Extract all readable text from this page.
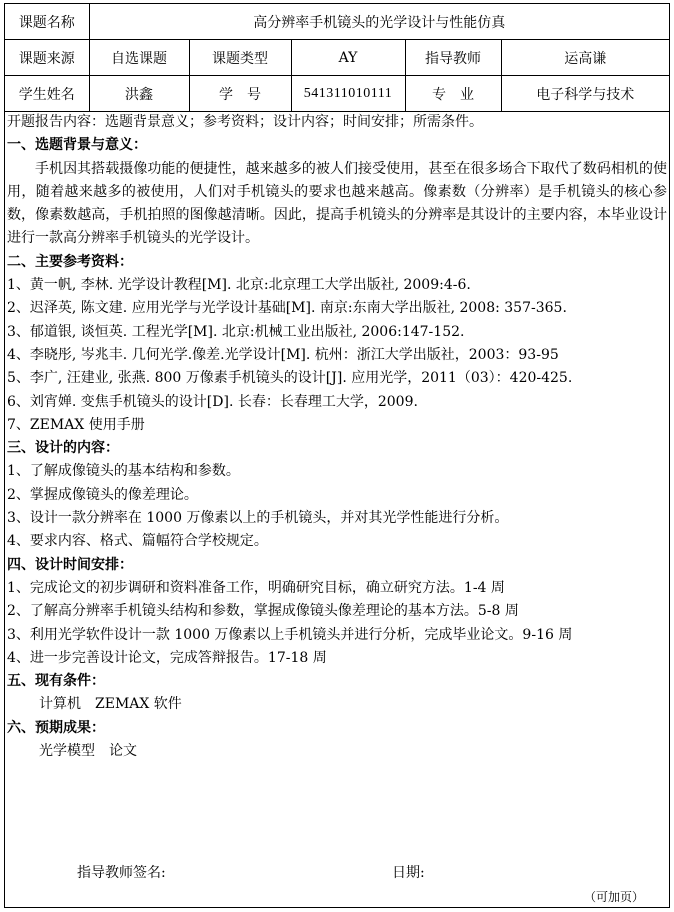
课题名称	高分辨率手机镜头的光学设计与性能仿真				
课题来源	自选课题	课题类型	AY	指导教师	运高谦
学生姓名	洪鑫	学　号	541311010111	专　业	电子科学与技术
开题报告内容：选题背景意义；参考资料；设计内容；时间安排；所需条件。
一、选题背景与意义：
手机因其搭载摄像功能的便捷性，越来越多的被人们接受使用，甚至在很多场合下取代了数码相机的使用，随着越来越多的被使用，人们对手机镜头的要求也越来越高。像素数（分辨率）是手机镜头的核心参数，像素数越高，手机拍照的图像越清晰。因此，提高手机镜头的分辨率是其设计的主要内容，本毕业设计进行一款高分辨率手机镜头的光学设计。
二、主要参考资料：
1、黄一帆, 李林. 光学设计教程[M]. 北京:北京理工大学出版社, 2009:4-6.
2、迟泽英, 陈文建. 应用光学与光学设计基础[M]. 南京:东南大学出版社, 2008: 357-365.
3、郁道银, 谈恒英. 工程光学[M]. 北京:机械工业出版社, 2006:147-152.
4、李晓彤, 岑兆丰. 几何光学.像差.光学设计[M]. 杭州：浙江大学出版社，2003：93-95
5、李广, 汪建业, 张燕. 800 万像素手机镜头的设计[J]. 应用光学，2011（03）：420-425.
6、刘宵婵. 变焦手机镜头的设计[D]. 长春：长春理工大学，2009.
7、ZEMAX 使用手册
三、设计的内容：
1、了解成像镜头的基本结构和参数。
2、掌握成像镜头的像差理论。
3、设计一款分辨率在 1000 万像素以上的手机镜头，并对其光学性能进行分析。
4、要求内容、格式、篇幅符合学校规定。
四、设计时间安排：
1、完成论文的初步调研和资料准备工作，明确研究目标，确立研究方法。1-4 周
2、了解高分辨率手机镜头结构和参数，掌握成像镜头像差理论的基本方法。5-8 周
3、利用光学软件设计一款 1000 万像素以上手机镜头并进行分析，完成毕业论文。9-16 周
4、进一步完善设计论文，完成答辩报告。17-18 周
五、现有条件：
计算机　ZEMAX 软件
六、预期成果：
光学模型　论文
指导教师签名:	日期:
（可加页）
